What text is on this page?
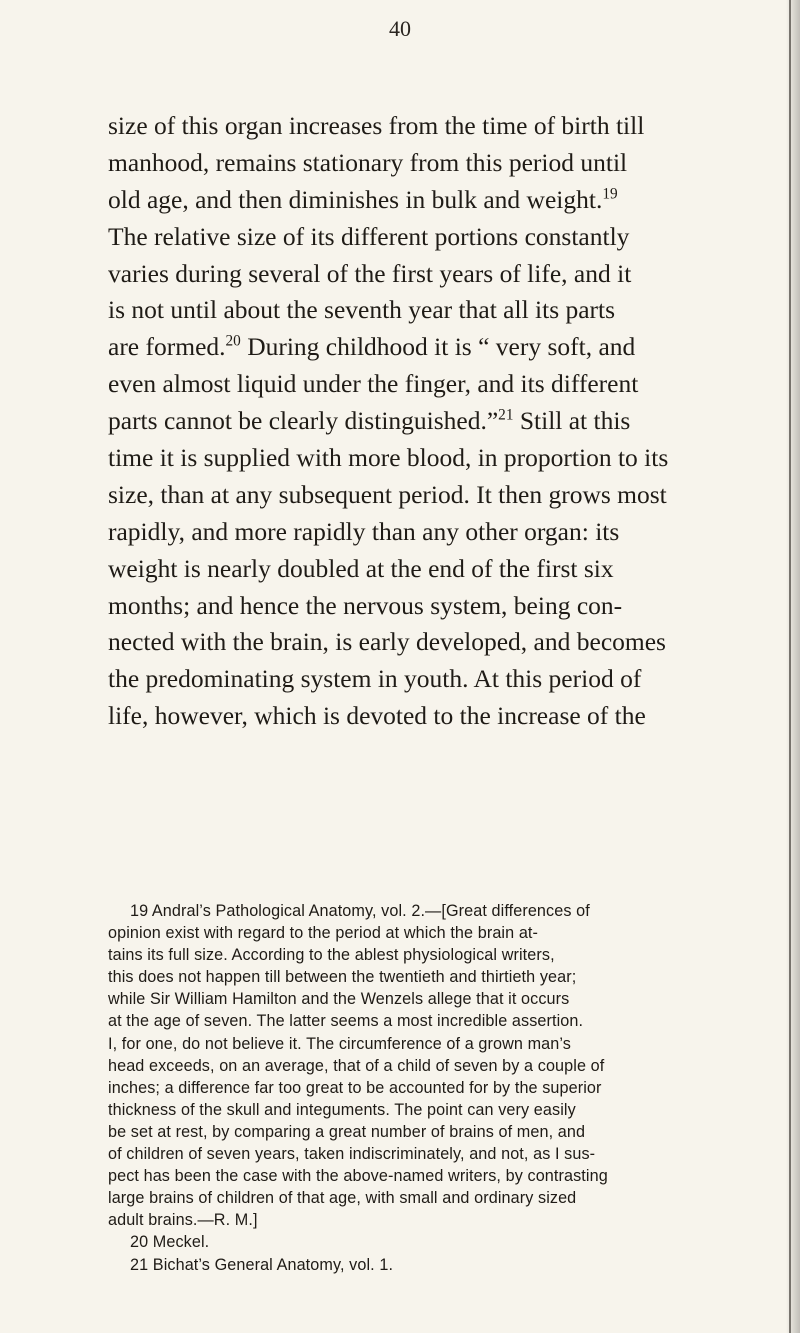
40
size of this organ increases from the time of birth till
manhood, remains stationary from this period until
old age, and then diminishes in bulk and weight.$^{19}$
The relative size of its different portions constantly
varies during several of the first years of life, and it
is not until about the seventh year that all its parts
are formed.$^{20}$ During childhood it is “ very soft, and
even almost liquid under the finger, and its different
parts cannot be clearly distinguished.”$^{21}$ Still at this
time it is supplied with more blood, in proportion to its
size, than at any subsequent period. It then grows most
rapidly, and more rapidly than any other organ: its
weight is nearly doubled at the end of the first six
months; and hence the nervous system, being con-
nected with the brain, is early developed, and becomes
the predominating system in youth. At this period of
life, however, which is devoted to the increase of the
19 Andral’s Pathological Anatomy, vol. 2.—[Great differences of
opinion exist with regard to the period at which the brain at-
tains its full size. According to the ablest physiological writers,
this does not happen till between the twentieth and thirtieth year;
while Sir William Hamilton and the Wenzels allege that it occurs
at the age of seven. The latter seems a most incredible assertion.
I, for one, do not believe it. The circumference of a grown man’s
head exceeds, on an average, that of a child of seven by a couple of
inches; a difference far too great to be accounted for by the superior
thickness of the skull and integuments. The point can very easily
be set at rest, by comparing a great number of brains of men, and
of children of seven years, taken indiscriminately, and not, as I sus-
pect has been the case with the above-named writers, by contrasting
large brains of children of that age, with small and ordinary sized
adult brains.—R. M.]
20 Meckel.
21 Bichat’s General Anatomy, vol. 1.
